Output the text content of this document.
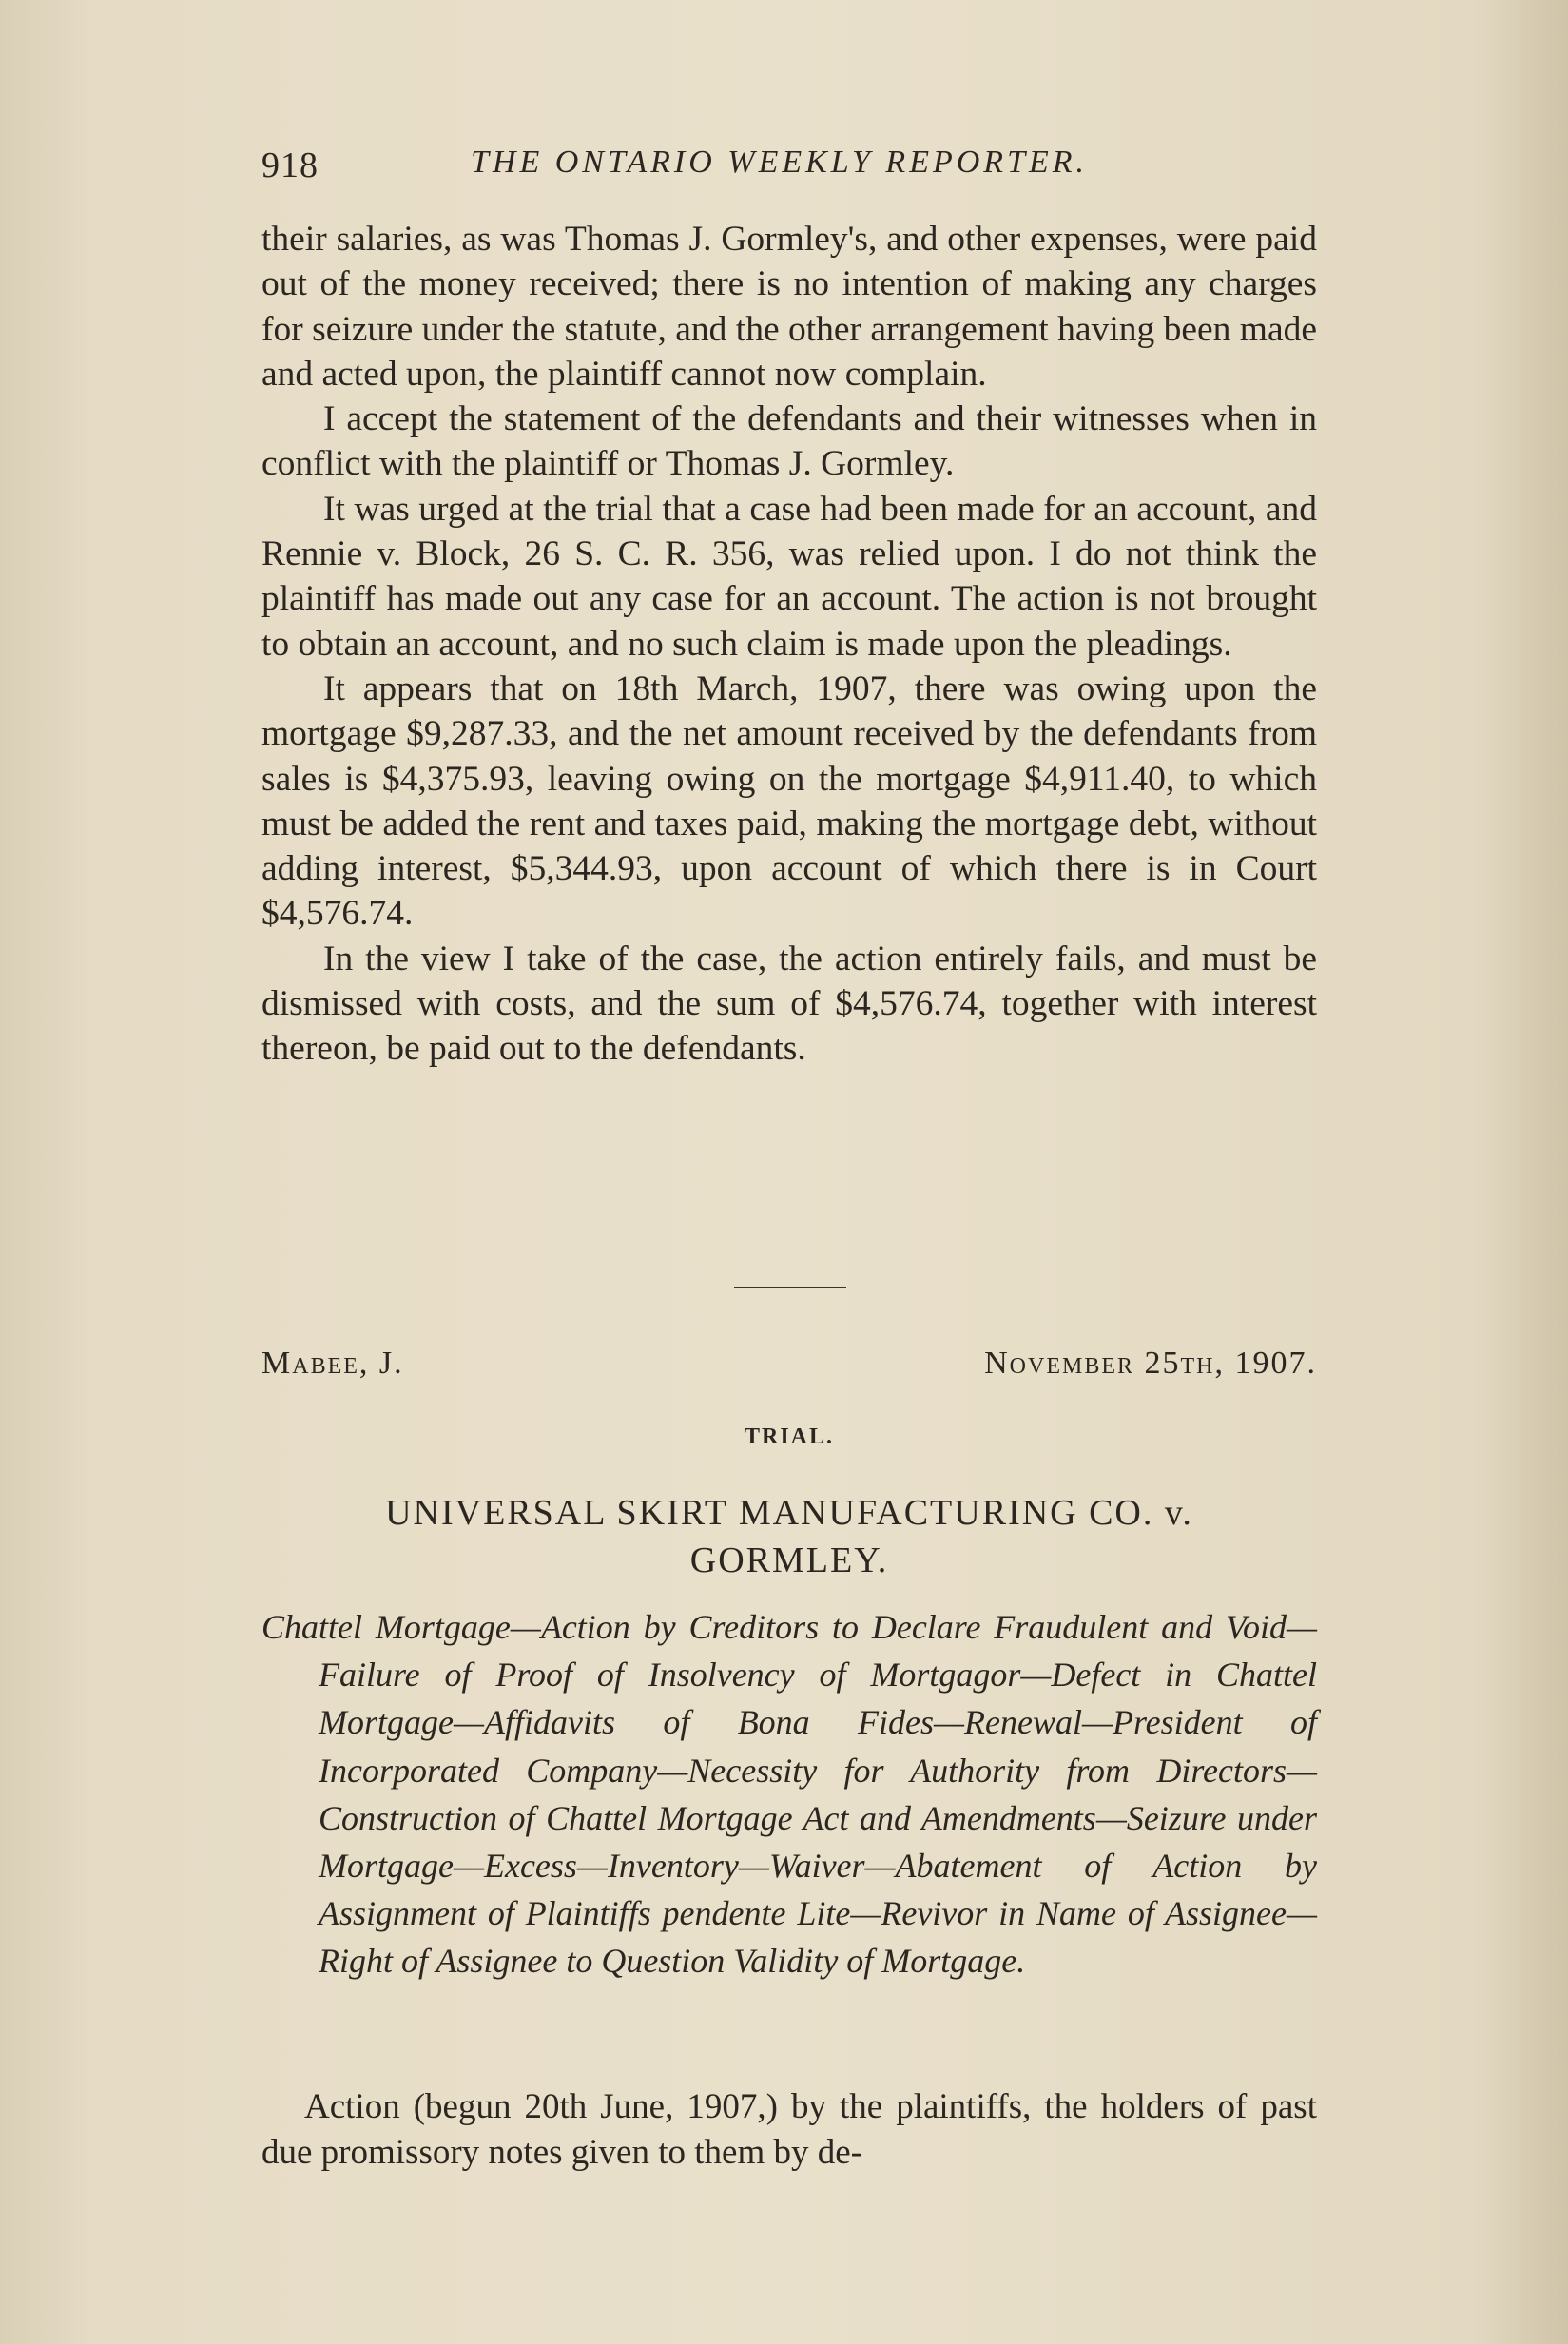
918	THE ONTARIO WEEKLY REPORTER.

their salaries, as was Thomas J. Gormley's, and other expenses, were paid out of the money received; there is no intention of making any charges for seizure under the statute, and the other arrangement having been made and acted upon, the plaintiff cannot now complain.

I accept the statement of the defendants and their witnesses when in conflict with the plaintiff or Thomas J. Gormley.

It was urged at the trial that a case had been made for an account, and Rennie v. Block, 26 S. C. R. 356, was relied upon. I do not think the plaintiff has made out any case for an account. The action is not brought to obtain an account, and no such claim is made upon the pleadings.

It appears that on 18th March, 1907, there was owing upon the mortgage $9,287.33, and the net amount received by the defendants from sales is $4,375.93, leaving owing on the mortgage $4,911.40, to which must be added the rent and taxes paid, making the mortgage debt, without adding interest, $5,344.93, upon account of which there is in Court $4,576.74.

In the view I take of the case, the action entirely fails, and must be dismissed with costs, and the sum of $4,576.74, together with interest thereon, be paid out to the defendants.

Mabee, J.	November 25th, 1907.
TRIAL.
UNIVERSAL SKIRT MANUFACTURING CO. v.
GORMLEY.
Chattel Mortgage—Action by Creditors to Declare Fraudulent and Void—Failure of Proof of Insolvency of Mortgagor—Defect in Chattel Mortgage—Affidavits of Bona Fides—Renewal—President of Incorporated Company—Necessity for Authority from Directors—Construction of Chattel Mortgage Act and Amendments—Seizure under Mortgage—Excess—Inventory—Waiver—Abatement of Action by Assignment of Plaintiffs pendente Lite—Revivor in Name of Assignee—Right of Assignee to Question Validity of Mortgage.
Action (begun 20th June, 1907,) by the plaintiffs, the holders of past due promissory notes given to them by de-
